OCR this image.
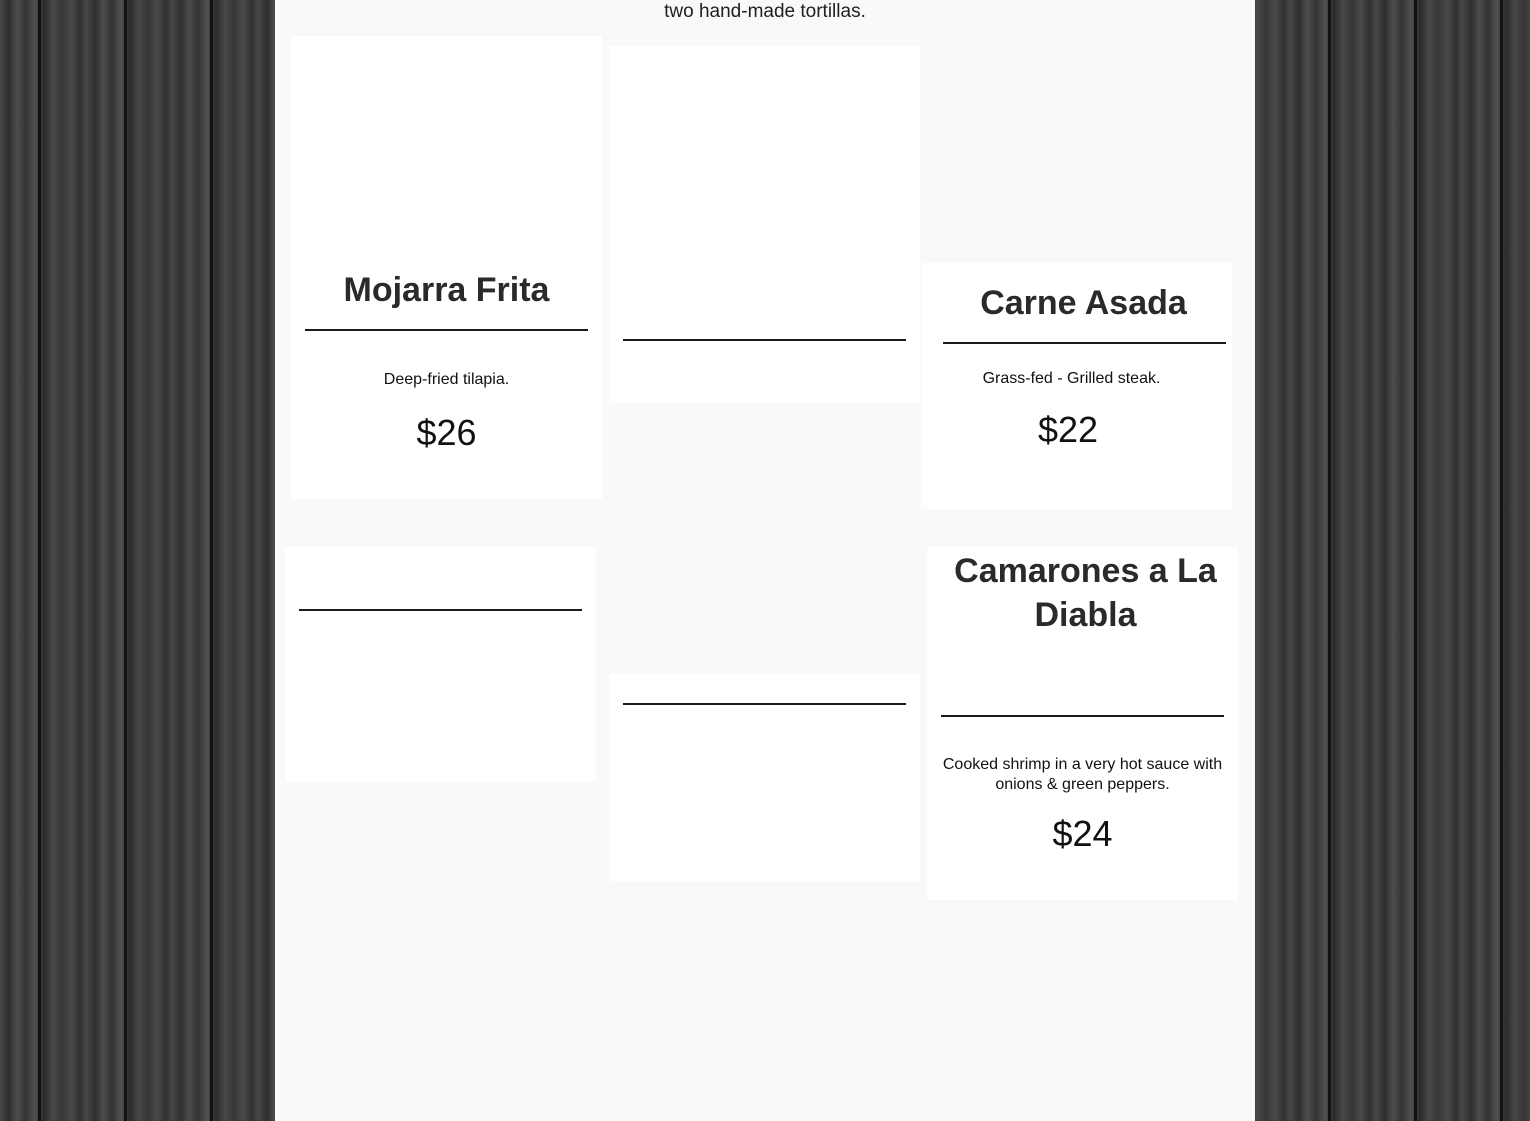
two hand-made tortillas.
Mojarra Frita
Deep-fried tilapia.
$26
Carne Asada
Grass-fed - Grilled steak.
$22
Camarones a La Diabla
Cooked shrimp in a very hot sauce with onions & green peppers.
$24
